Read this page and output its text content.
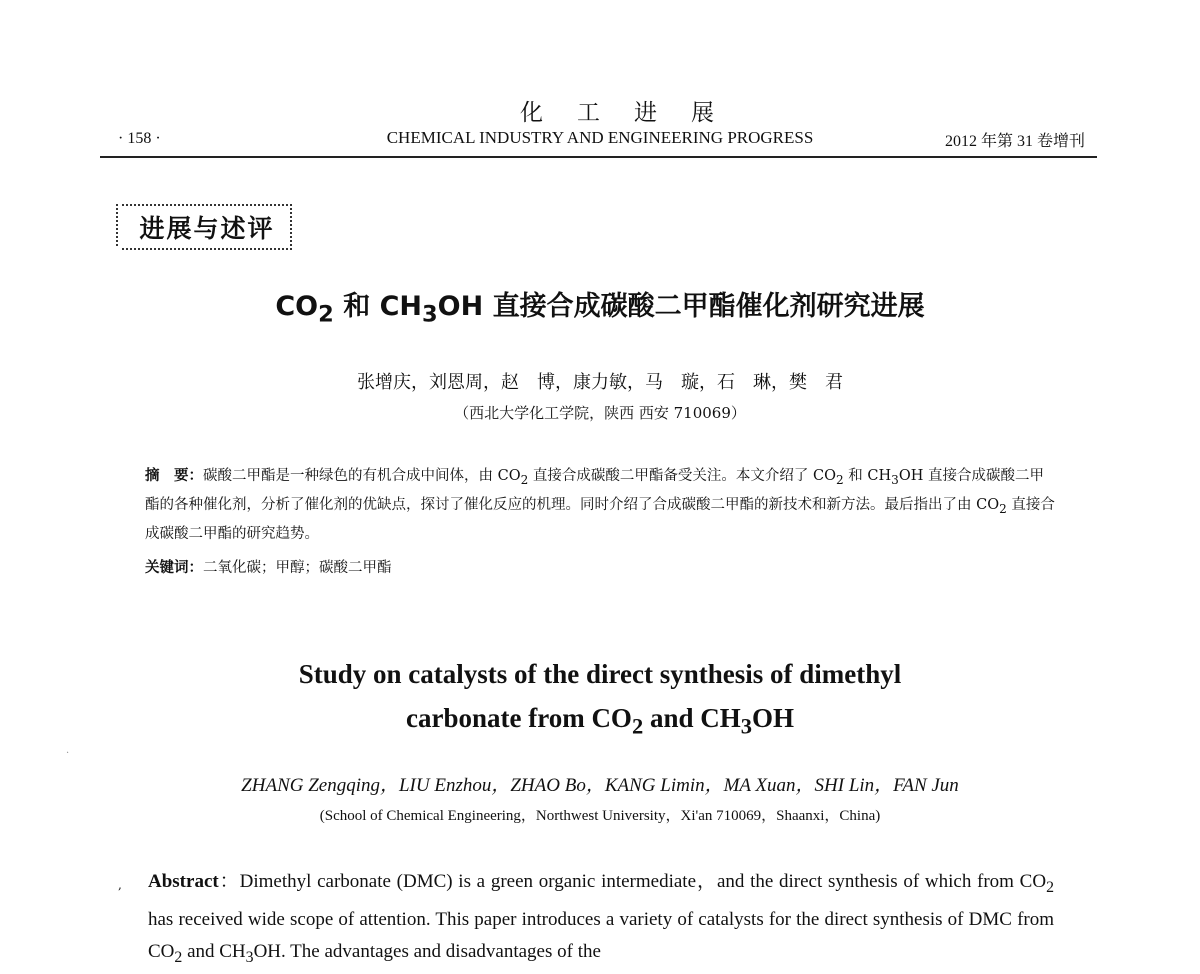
化工进展
· 158 ·	CHEMICAL INDUSTRY AND ENGINEERING PROGRESS	2012 年第 31 卷增刊
进展与述评
$CO_2$ 和 $CH_3OH$ 直接合成碳酸二甲酯催化剂研究进展
张增庆，刘恩周，赵　博，康力敏，马　璇，石　琳，樊　君
（西北大学化工学院，陕西 西安 710069）
摘　要：碳酸二甲酯是一种绿色的有机合成中间体，由 $CO_2$ 直接合成碳酸二甲酯备受关注。本文介绍了 $CO_2$ 和 $CH_3OH$ 直接合成碳酸二甲酯的各种催化剂，分析了催化剂的优缺点，探讨了催化反应的机理。同时介绍了合成碳酸二甲酯的新技术和新方法。最后指出了由 $CO_2$ 直接合成碳酸二甲酯的研究趋势。
关键词：二氧化碳；甲醇；碳酸二甲酯
Study on catalysts of the direct synthesis of dimethyl
carbonate from $CO_2$ and $CH_3OH$
·
ZHANG Zengqing，LIU Enzhou，ZHAO Bo，KANG Limin，MA Xuan，SHI Lin，FAN Jun
(School of Chemical Engineering，Northwest University，Xi'an 710069，Shaanxi，China)
, Abstract：Dimethyl carbonate (DMC) is a green organic intermediate，and the direct synthesis of which from $CO_2$ has received wide scope of attention. This paper introduces a variety of catalysts for the direct synthesis of DMC from $CO_2$ and $CH_3OH$. The advantages and disadvantages of the
